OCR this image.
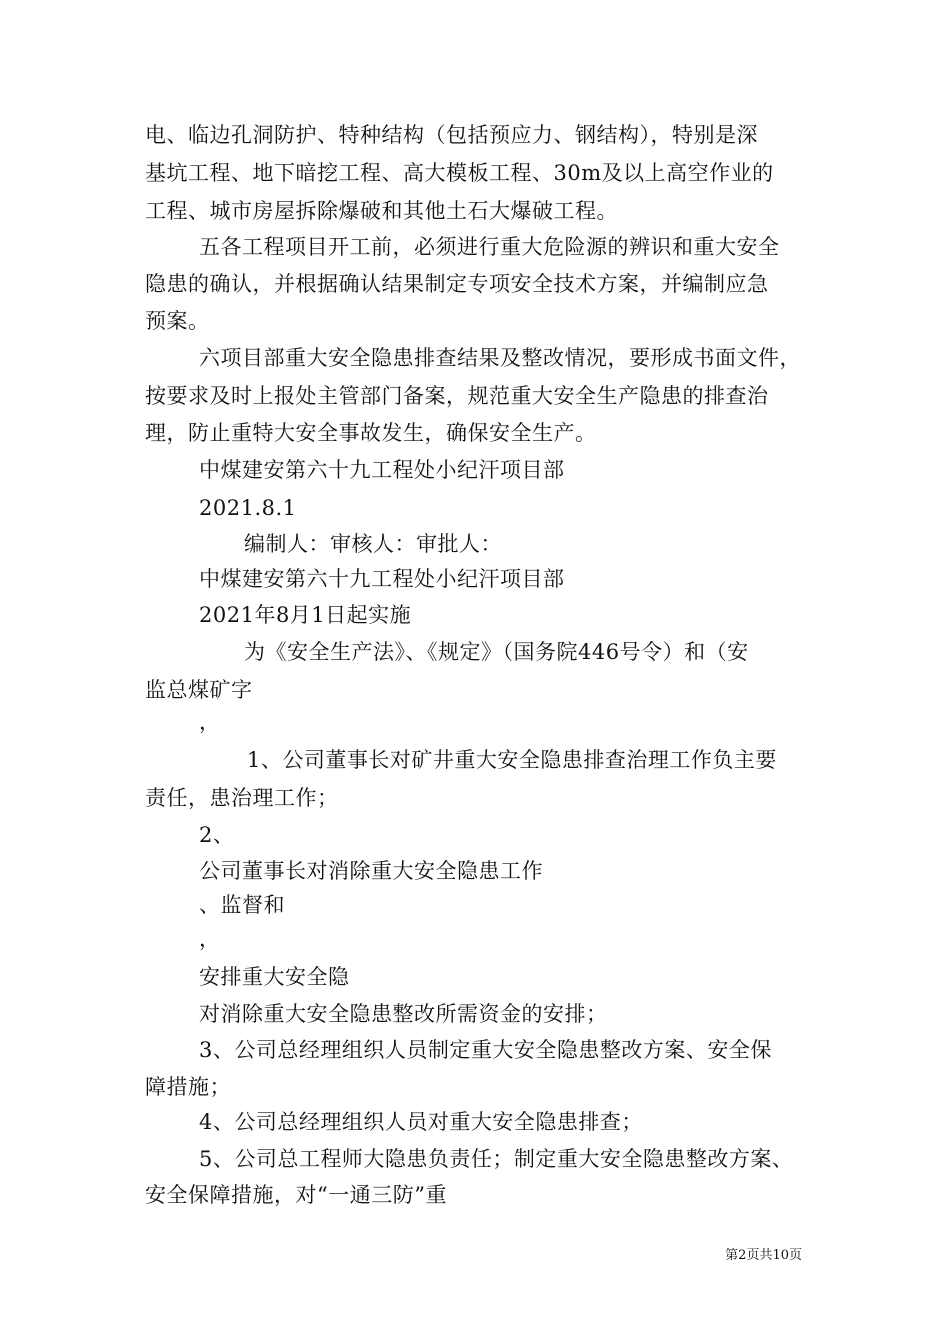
电、临边孔洞防护、特种结构（包括预应力、钢结构），特别是深
基坑工程、地下暗挖工程、高大模板工程、30m及以上高空作业的
工程、城市房屋拆除爆破和其他土石大爆破工程。
五各工程项目开工前，必须进行重大危险源的辨识和重大安全
隐患的确认，并根据确认结果制定专项安全技术方案，并编制应急
预案。
六项目部重大安全隐患排查结果及整改情况，要形成书面文件，
按要求及时上报处主管部门备案，规范重大安全生产隐患的排查治
理，防止重特大安全事故发生，确保安全生产。
中煤建安第六十九工程处小纪汗项目部
2021.8.1
编制人：审核人：审批人：
中煤建安第六十九工程处小纪汗项目部
2021年8月1日起实施
为《安全生产法》、《规定》（国务院446号令）和（安
监总煤矿字
，
1、公司董事长对矿井重大安全隐患排查治理工作负主要
责任，患治理工作；
2、
公司董事长对消除重大安全隐患工作
、监督和
，
安排重大安全隐
对消除重大安全隐患整改所需资金的安排；
3、公司总经理组织人员制定重大安全隐患整改方案、安全保
障措施；
4、公司总经理组织人员对重大安全隐患排查；
5、公司总工程师大隐患负责任；制定重大安全隐患整改方案、
安全保障措施，对“一通三防”重
第2页共10页
